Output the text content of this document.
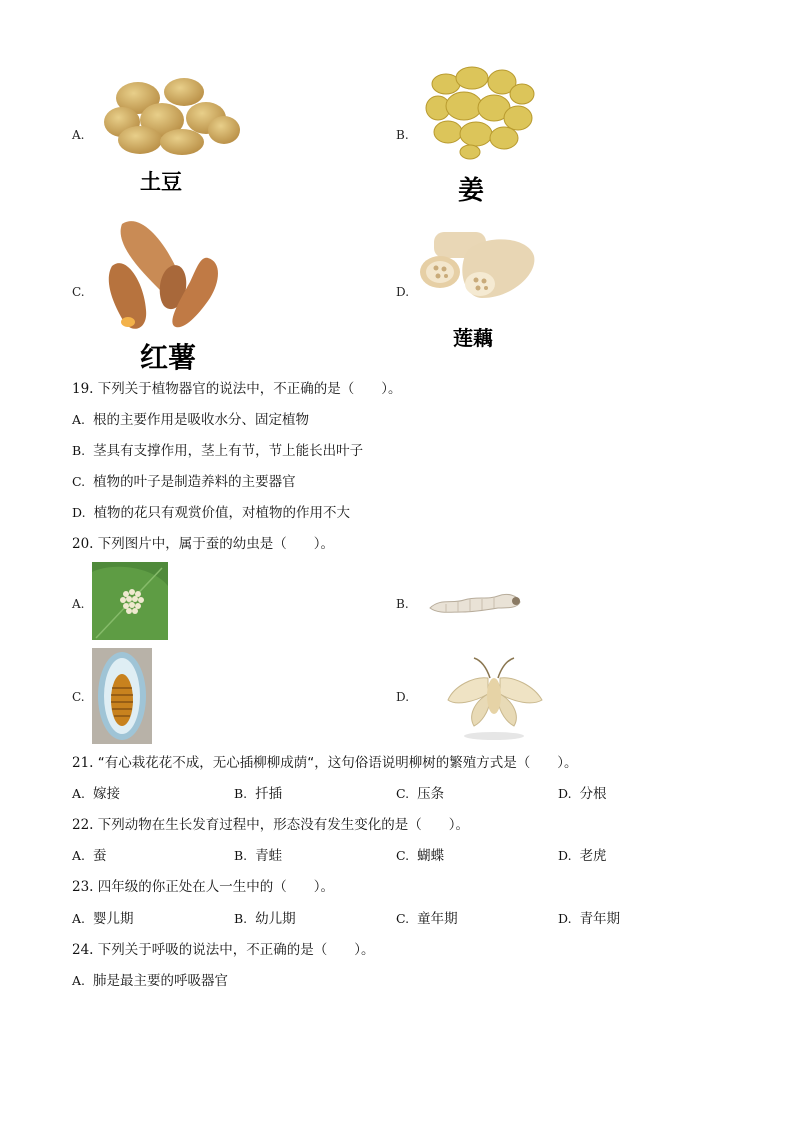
A.
土豆
B.
姜
C.
红薯
D.
莲藕
19. 下列关于植物器官的说法中，不正确的是（　　）。
A. 根的主要作用是吸收水分、固定植物
B. 茎具有支撑作用，茎上有节，节上能长出叶子
C. 植物的叶子是制造养料的主要器官
D. 植物的花只有观赏价值，对植物的作用不大
20. 下列图片中，属于蚕的幼虫是（　　）。
A.	B.
C.	D.
21. “有心栽花花不成，无心插柳柳成荫“，这句俗语说明柳树的繁殖方式是（　　）。
A. 嫁接	B. 扦插	C. 压条	D. 分根
22. 下列动物在生长发育过程中，形态没有发生变化的是（　　）。
A. 蚕	B. 青蛙	C. 蝴蝶	D. 老虎
23. 四年级的你正处在人一生中的（　　）。
A. 婴儿期	B. 幼儿期	C. 童年期	D. 青年期
24. 下列关于呼吸的说法中，不正确的是（　　）。
A. 肺是最主要的呼吸器官
